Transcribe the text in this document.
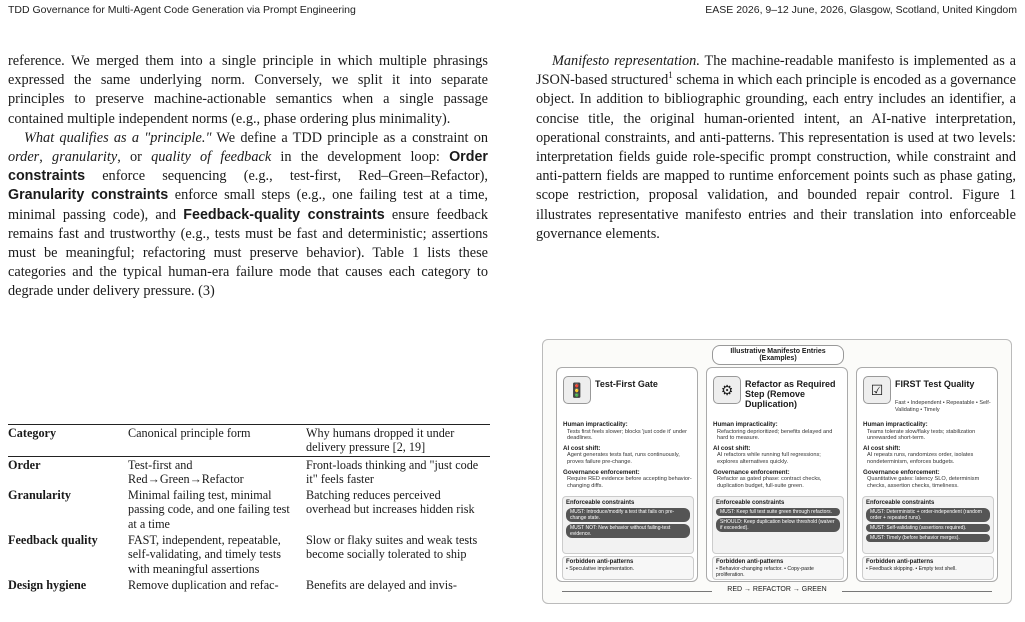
TDD Governance for Multi-Agent Code Generation via Prompt Engineering	EASE 2026, 9–12 June, 2026, Glasgow, Scotland, United Kingdom

reference. We merged them into a single principle in which multiple phrasings expressed the same underlying norm. Conversely, we split it into separate principles to preserve machine-actionable semantics when a single passage contained multiple independent norms (e.g., phase ordering plus minimality).

What qualifies as a "principle." We define a TDD principle as a constraint on order, granularity, or quality of feedback in the development loop: Order constraints enforce sequencing (e.g., test-first, Red–Green–Refactor), Granularity constraints enforce small steps (e.g., one failing test at a time, minimal passing code), and Feedback-quality constraints ensure feedback remains fast and trustworthy (e.g., tests must be fast and deterministic; assertions must be meaningful; refactoring must preserve behavior). Table 1 lists these categories and the typical human-era failure mode that causes each category to degrade under delivery pressure. (3)

Category	Canonical principle form	Why humans dropped it under delivery pressure [2, 19]
Order	Test-first and Red→Green→Refactor	Front-loads thinking and "just code it" feels faster
Granularity	Minimal failing test, minimal passing code, and one failing test at a time	Batching reduces perceived overhead but increases hidden risk
Feedback quality	FAST, independent, repeatable, self-validating, and timely tests with meaningful assertions	Slow or flaky suites and weak tests become socially tolerated to ship
Design hygiene	Remove duplication and refac-	Benefits are delayed and invis-

Manifesto representation. The machine-readable manifesto is implemented as a JSON-based structured$^1$ schema in which each principle is encoded as a governance object. In addition to bibliographic grounding, each entry includes an identifier, a concise title, the original human-oriented intent, an AI-native interpretation, operational constraints, and anti-patterns. This representation is used at two levels: interpretation fields guide role-specific prompt construction, while constraint and anti-pattern fields are mapped to runtime enforcement points such as phase gating, scope restriction, proposal validation, and bounded repair control. Figure 1 illustrates representative manifesto entries and their translation into enforceable governance elements.

Illustrative Manifesto Entries (Examples)
🚦	Test-First Gate
Human impracticality:
Tests first feels slower; blocks 'just code it' under deadlines.
AI cost shift:
Agent generates tests fast, runs continuously, proves failure pre-change.
Governance enforcement:
Require RED evidence before accepting behavior-changing diffs.
Enforceable constraints
MUST: Introduce/modify a test that fails on pre-change state.
MUST NOT: New behavior without failing-test evidence.
Forbidden anti-patterns
• Speculative implementation.
⚙	Refactor as Required Step (Remove Duplication)
Human impracticality:
Refactoring deprioritized; benefits delayed and hard to measure.
AI cost shift:
AI refactors while running full regressions; explores alternatives quickly.
Governance enforcement:
Refactor as gated phase: contract checks, duplication budget, full-suite green.
Enforceable constraints
MUST: Keep full test suite green through refactors.
SHOULD: Keep duplication below threshold (waiver if exceeded).
Forbidden anti-patterns
• Behavior-changing refactor. • Copy-paste proliferation.
☑	FIRST Test Quality
Fast • Independent • Repeatable • Self-Validating • Timely
Human impracticality:
Teams tolerate slow/flaky tests; stabilization unrewarded short-term.
AI cost shift:
AI repeats runs, randomizes order, isolates nondeterminism, enforces budgets.
Governance enforcement:
Quantitative gates: latency SLO, determinism checks, assertion checks, timeliness.
Enforceable constraints
MUST: Deterministic + order-independent (random order + repeated runs).
MUST: Self-validating (assertions required).
MUST: Timely (before behavior merges).
Forbidden anti-patterns
• Feedback skipping. • Empty test shell.
RED → REFACTOR → GREEN
